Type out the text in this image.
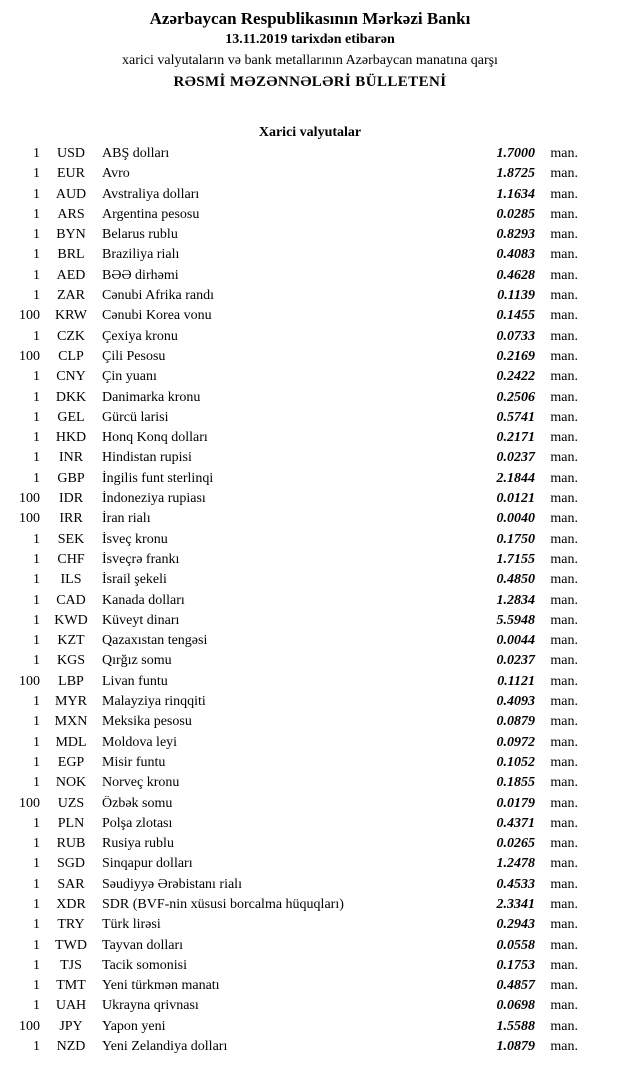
Azərbaycan Respublikasının Mərkəzi Bankı
13.11.2019 tarixdən etibarən
xarici valyutaların və bank metallarının Azərbaycan manatına qarşı
RƏSMİ MƏZƏNNƏLƏRİ BÜLLETENİ
Xarici valyutalar
1	USD	ABŞ dolları	1.7000	man.
1	EUR	Avro	1.8725	man.
1	AUD	Avstraliya dolları	1.1634	man.
1	ARS	Argentina pesosu	0.0285	man.
1	BYN	Belarus rublu	0.8293	man.
1	BRL	Braziliya rialı	0.4083	man.
1	AED	BƏƏ dirhəmi	0.4628	man.
1	ZAR	Cənubi Afrika randı	0.1139	man.
100	KRW	Cənubi Korea vonu	0.1455	man.
1	CZK	Çexiya kronu	0.0733	man.
100	CLP	Çili Pesosu	0.2169	man.
1	CNY	Çin yuanı	0.2422	man.
1	DKK	Danimarka kronu	0.2506	man.
1	GEL	Gürcü larisi	0.5741	man.
1	HKD	Honq Konq dolları	0.2171	man.
1	INR	Hindistan rupisi	0.0237	man.
1	GBP	İngilis funt sterlinqi	2.1844	man.
100	IDR	İndoneziya rupiası	0.0121	man.
100	IRR	İran rialı	0.0040	man.
1	SEK	İsveç kronu	0.1750	man.
1	CHF	İsveçrə frankı	1.7155	man.
1	ILS	İsrail şekeli	0.4850	man.
1	CAD	Kanada dolları	1.2834	man.
1	KWD	Küveyt dinarı	5.5948	man.
1	KZT	Qazaxıstan tengəsi	0.0044	man.
1	KGS	Qırğız somu	0.0237	man.
100	LBP	Livan funtu	0.1121	man.
1	MYR	Malayziya rinqqiti	0.4093	man.
1	MXN	Meksika pesosu	0.0879	man.
1	MDL	Moldova leyi	0.0972	man.
1	EGP	Misir funtu	0.1052	man.
1	NOK	Norveç kronu	0.1855	man.
100	UZS	Özbək somu	0.0179	man.
1	PLN	Polşa zlotası	0.4371	man.
1	RUB	Rusiya rublu	0.0265	man.
1	SGD	Sinqapur dolları	1.2478	man.
1	SAR	Səudiyyə Ərəbistanı rialı	0.4533	man.
1	XDR	SDR (BVF-nin xüsusi borcalma hüquqları)	2.3341	man.
1	TRY	Türk lirəsi	0.2943	man.
1	TWD	Tayvan dolları	0.0558	man.
1	TJS	Tacik somonisi	0.1753	man.
1	TMT	Yeni türkmən manatı	0.4857	man.
1	UAH	Ukrayna qrivnası	0.0698	man.
100	JPY	Yapon yeni	1.5588	man.
1	NZD	Yeni Zelandiya dolları	1.0879	man.
